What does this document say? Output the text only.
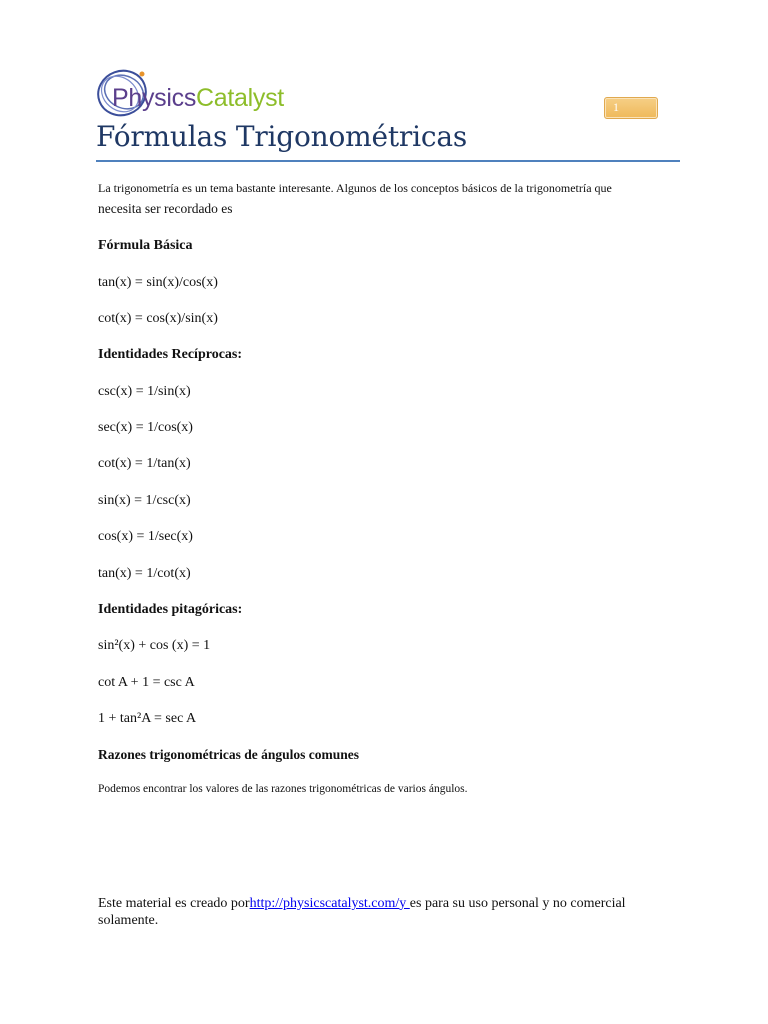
PhysicsCatalyst	1
Fórmulas Trigonométricas
La trigonometría es un tema bastante interesante. Algunos de los conceptos básicos de la trigonometría que
necesita ser recordado es
Fórmula Básica
tan(x) = sin(x)/cos(x)
cot(x) = cos(x)/sin(x)
Identidades Recíprocas:
csc(x) = 1/sin(x)
sec(x) = 1/cos(x)
cot(x) = 1/tan(x)
sin(x) = 1/csc(x)
cos(x) = 1/sec(x)
tan(x) = 1/cot(x)
Identidades pitagóricas:
sin²(x) + cos (x) = 1
cot A + 1 = csc A
1 + tan²A = sec A
Razones trigonométricas de ángulos comunes
Podemos encontrar los valores de las razones trigonométricas de varios ángulos.
Este material es creado porhttp://physicscatalyst.com/y es para su uso personal y no comercial solamente.
